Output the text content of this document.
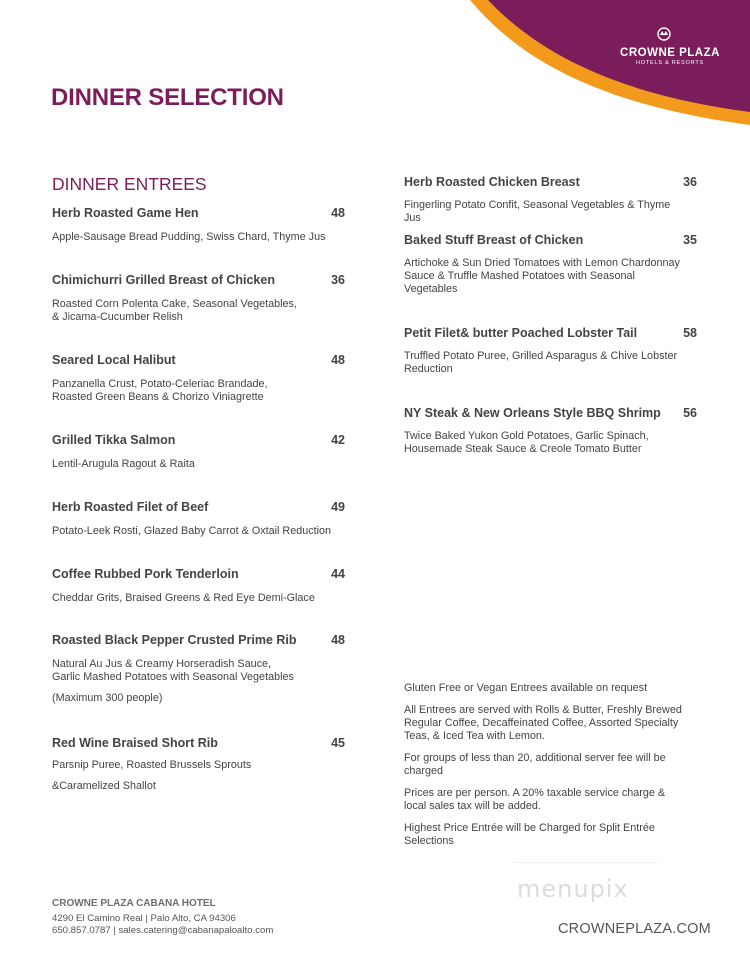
CROWNE PLAZA
HOTELS & RESORTS
DINNER SELECTION
DINNER ENTREES
Herb Roasted Game Hen	48
Apple-Sausage Bread Pudding, Swiss Chard, Thyme Jus
Chimichurri Grilled Breast of Chicken	36
Roasted Corn Polenta Cake, Seasonal Vegetables,
& Jicama-Cucumber Relish
Seared Local Halibut	48
Panzanella Crust, Potato-Celeriac Brandade,
Roasted Green Beans & Chorizo Viniagrette
Grilled Tikka Salmon	42
Lentil-Arugula Ragout & Raita
Herb Roasted Filet of Beef	49
Potato-Leek Rosti, Glazed Baby Carrot & Oxtail Reduction
Coffee Rubbed Pork Tenderloin	44
Cheddar Grits, Braised Greens & Red Eye Demi-Glace
Roasted Black Pepper Crusted Prime Rib	48
Natural Au Jus & Creamy Horseradish Sauce,
Garlic Mashed Potatoes with Seasonal Vegetables
(Maximum 300 people)
Red Wine Braised Short Rib	45
Parsnip Puree, Roasted Brussels Sprouts
&Caramelized Shallot
Herb Roasted Chicken Breast	36
Fingerling Potato Confit, Seasonal Vegetables & Thyme
Jus
Baked Stuff Breast of Chicken	35
Artichoke & Sun Dried Tomatoes with Lemon Chardonnay
Sauce & Truffle Mashed Potatoes with Seasonal
Vegetables
Petit Filet& butter Poached Lobster Tail	58
Truffled Potato Puree, Grilled Asparagus & Chive Lobster
Reduction
NY Steak & New Orleans Style BBQ Shrimp 56
Twice Baked Yukon Gold Potatoes, Garlic Spinach,
Housemade Steak Sauce & Creole Tomato Butter
Gluten Free or Vegan Entrees available on request
All Entrees are served with Rolls & Butter, Freshly Brewed
Regular Coffee, Decaffeinated Coffee, Assorted Specialty
Teas, & Iced Tea with Lemon.
For groups of less than 20, additional server fee will be
charged
Prices are per person. A 20% taxable service charge &
local sales tax will be added.
Highest Price Entrée will be Charged for Split Entrée
Selections
CROWNE PLAZA CABANA HOTEL
4290 El Camino Real | Palo Alto, CA 94306
650.857.0787 | sales.catering@cabanapaloalto.com	CROWNEPLAZA.COM
menupix
